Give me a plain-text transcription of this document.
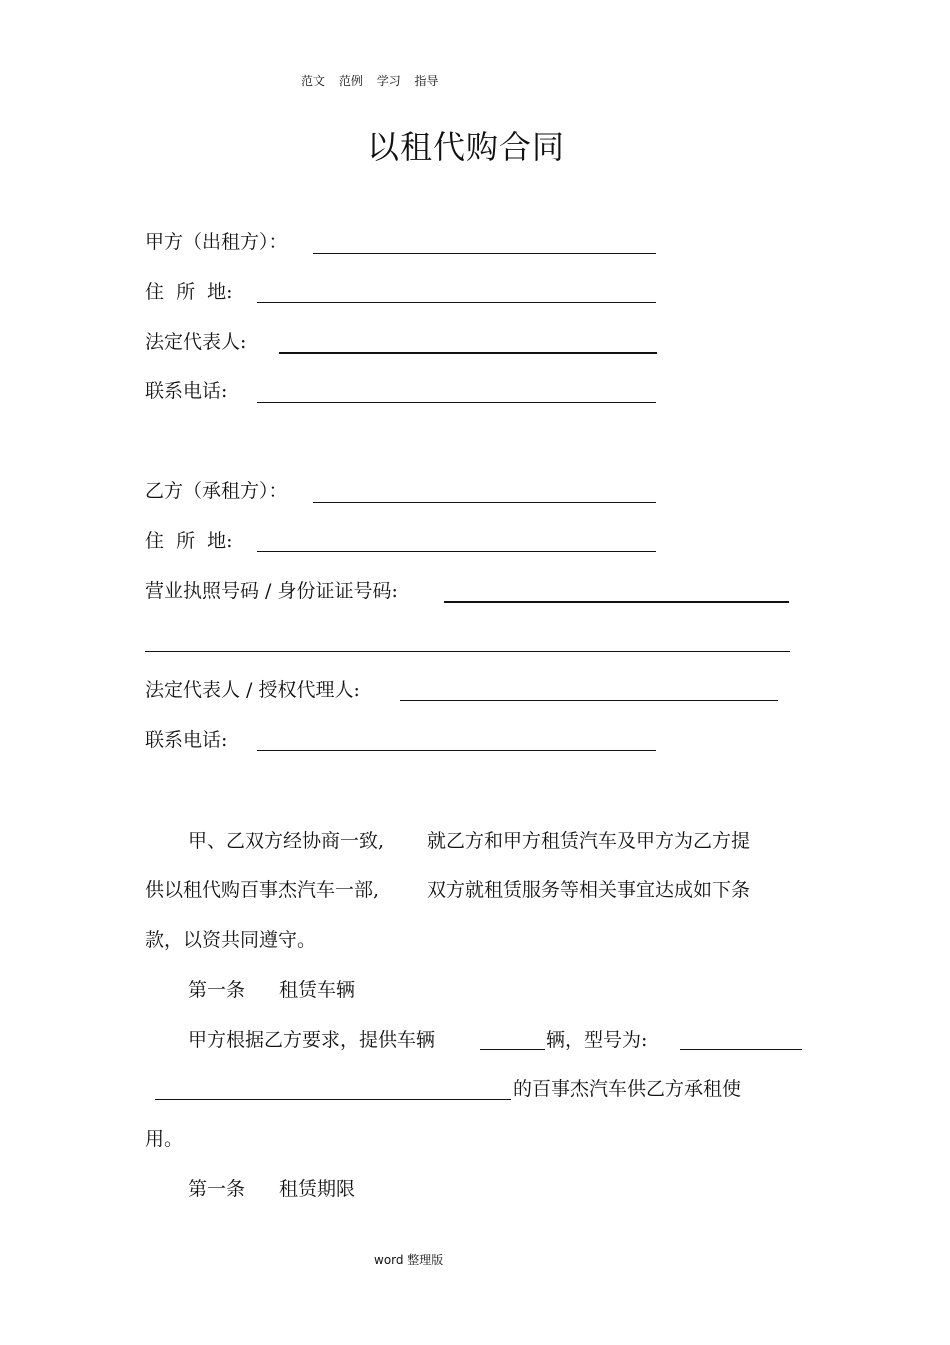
范文 范例 学习 指导
以租代购合同
甲方（出租方）：
住  所  地:
法定代表人:
联系电话:
乙方（承租方）：
住  所  地:
营业执照号码 / 身份证证号码:
法定代表人 / 授权代理人:
联系电话:
甲、乙双方经协商一致, 就乙方和甲方租赁汽车及甲方为乙方提
供以租代购百事杰汽车一部,	双方就租赁服务等相关事宜达成如下条
款，以资共同遵守。
第一条 租赁车辆
甲方根据乙方要求，提供车辆	辆，型号为:
的百事杰汽车供乙方承租使
用。
第一条 租赁期限
word 整理版
